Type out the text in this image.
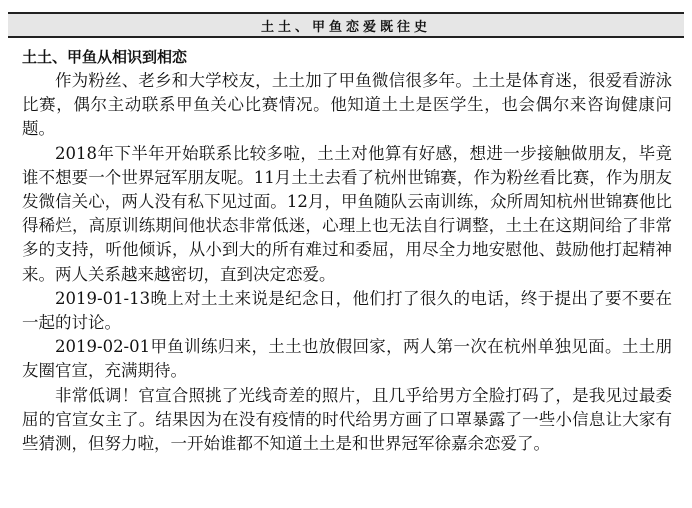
土土、甲鱼恋爱既往史
土土、甲鱼从相识到相恋

作为粉丝、老乡和大学校友，土土加了甲鱼微信很多年。土土是体育迷，很爱看游泳比赛，偶尔主动联系甲鱼关心比赛情况。他知道土土是医学生，也会偶尔来咨询健康问题。

2018年下半年开始联系比较多啦，土土对他算有好感，想进一步接触做朋友，毕竟谁不想要一个世界冠军朋友呢。11月土土去看了杭州世锦赛，作为粉丝看比赛，作为朋友发微信关心，两人没有私下见过面。12月，甲鱼随队云南训练，众所周知杭州世锦赛他比得稀烂，高原训练期间他状态非常低迷，心理上也无法自行调整，土土在这期间给了非常多的支持，听他倾诉，从小到大的所有难过和委屈，用尽全力地安慰他、鼓励他打起精神来。两人关系越来越密切，直到决定恋爱。

2019-01-13晚上对土土来说是纪念日，他们打了很久的电话，终于提出了要不要在一起的讨论。

2019-02-01甲鱼训练归来，土土也放假回家，两人第一次在杭州单独见面。土土朋友圈官宣，充满期待。

非常低调！官宣合照挑了光线奇差的照片，且几乎给男方全脸打码了，是我见过最委屈的官宣女主了。结果因为在没有疫情的时代给男方画了口罩暴露了一些小信息让大家有些猜测，但努力啦，一开始谁都不知道土土是和世界冠军徐嘉余恋爱了。
